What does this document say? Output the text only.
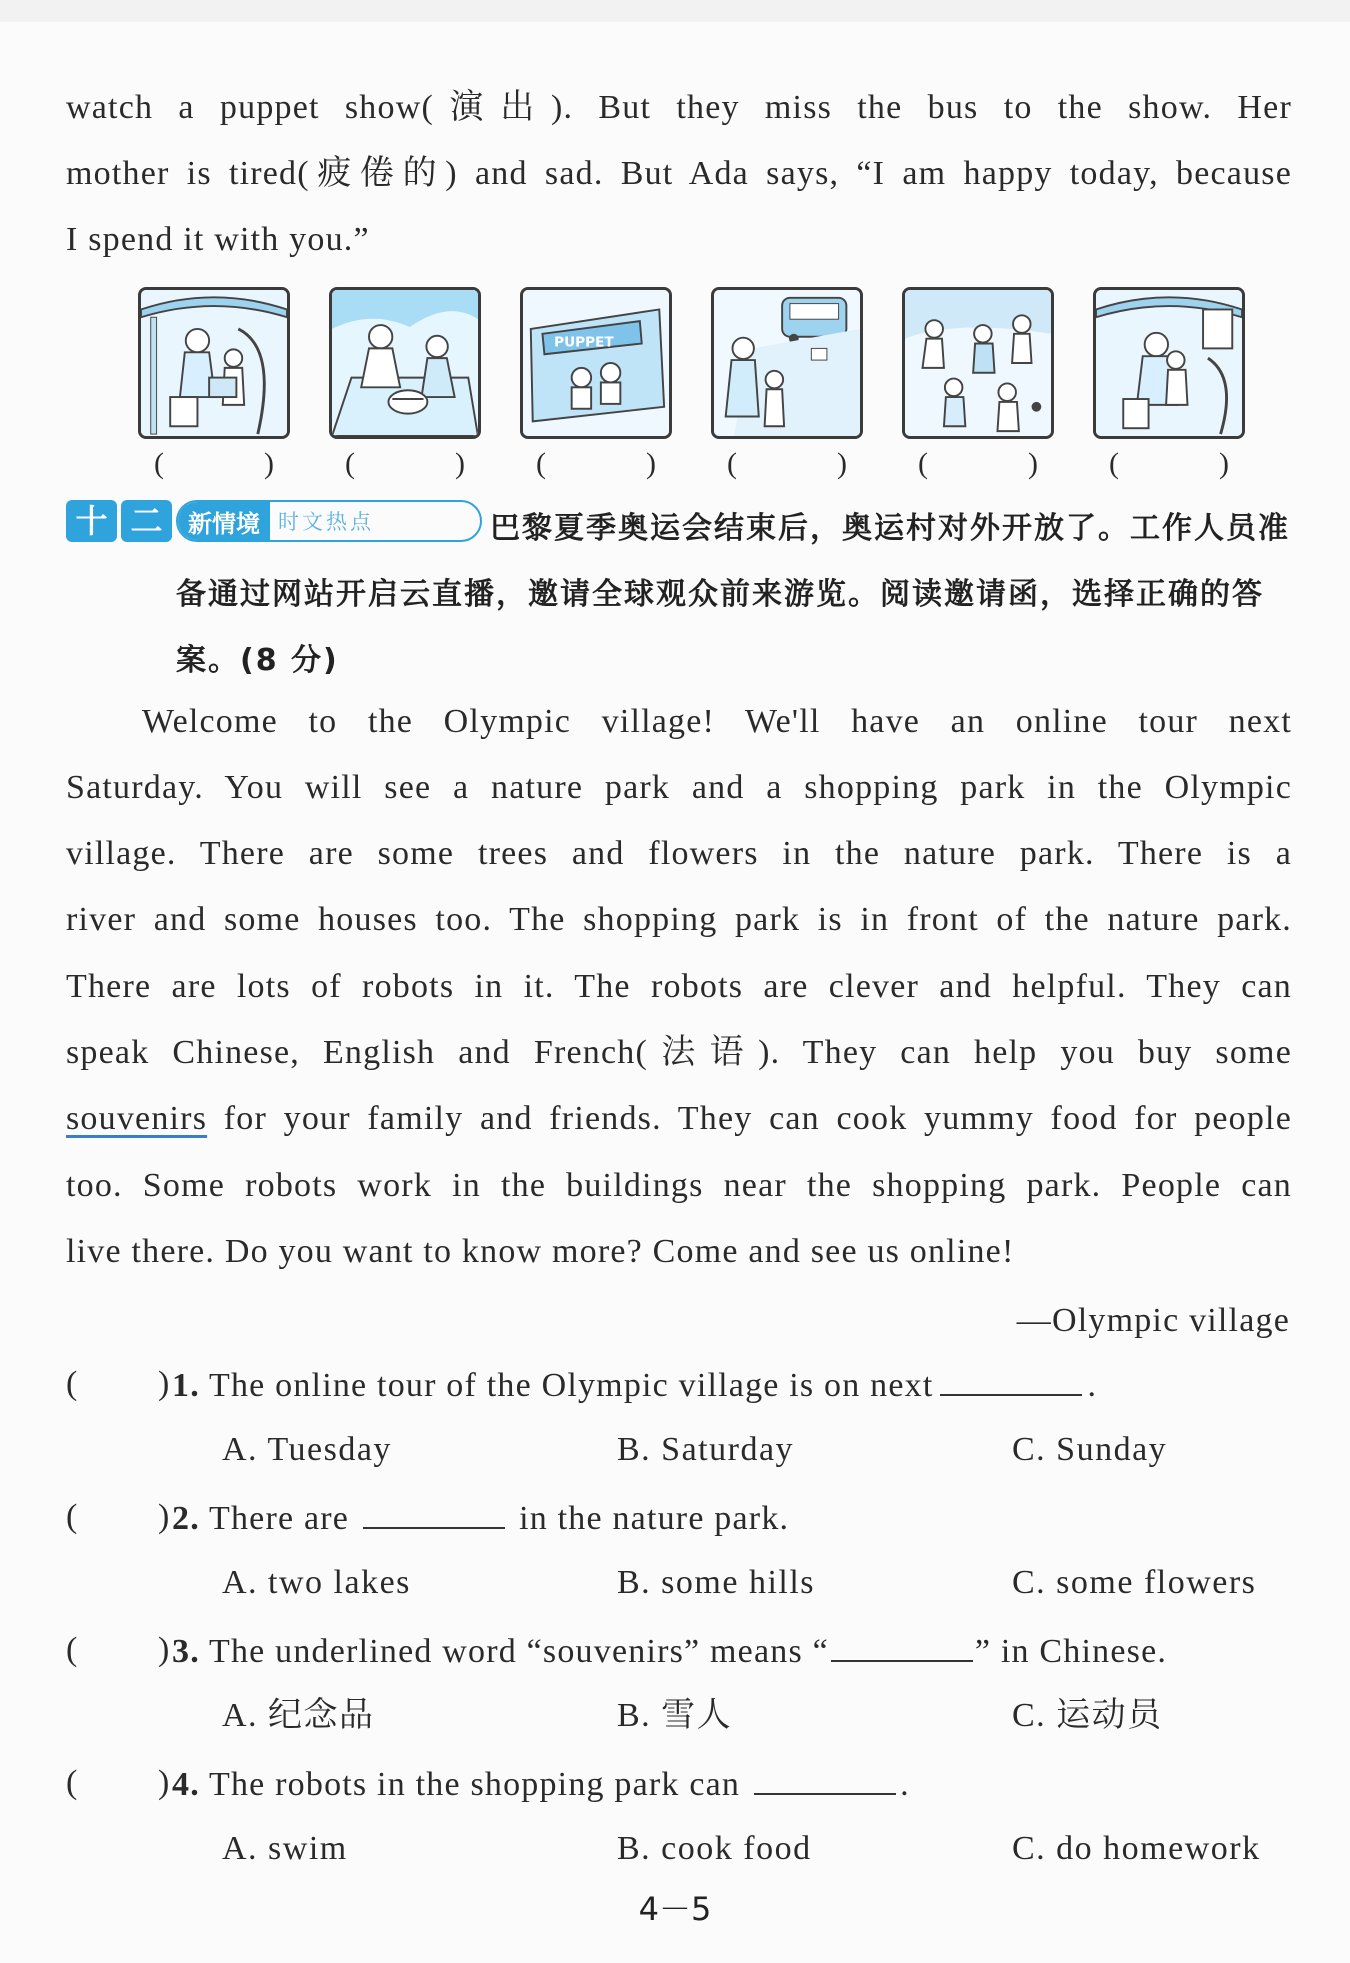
watch a puppet show(演出). But they miss the bus to the show. Her
mother is tired(疲倦的) and sad. But Ada says, “I am happy today, because
I spend it with you.”
PUPPET
(	) (	) (	) (	) (	) (	)
十 二	新情境 时文热点	巴黎夏季奥运会结束后，奥运村对外开放了。工作人员准备通过网站开启云直播，邀请全球观众前来游览。阅读邀请函，选择正确的答案。(8 分)
Welcome to the Olympic village! We'll have an online tour next
Saturday. You will see a nature park and a shopping park in the Olympic
village. There are some trees and flowers in the nature park. There is a
river and some houses too. The shopping park is in front of the nature park.
There are lots of robots in it. The robots are clever and helpful. They can
speak Chinese, English and French(法语). They can help you buy some
souvenirs for your family and friends. They can cook yummy food for people
too. Some robots work in the buildings near the shopping park. People can
live there. Do you want to know more? Come and see us online!
—Olympic village
( ) 1. The online tour of the Olympic village is on next	.
A. Tuesday	B. Saturday	C. Sunday
( ) 2. There are	in the nature park.
A. two lakes	B. some hills	C. some flowers
( ) 3. The underlined word “souvenirs” means “	” in Chinese.
A. 纪念品	B. 雪人	C. 运动员
( ) 4. The robots in the shopping park can	.
A. swim	B. cook food	C. do homework
4－5
